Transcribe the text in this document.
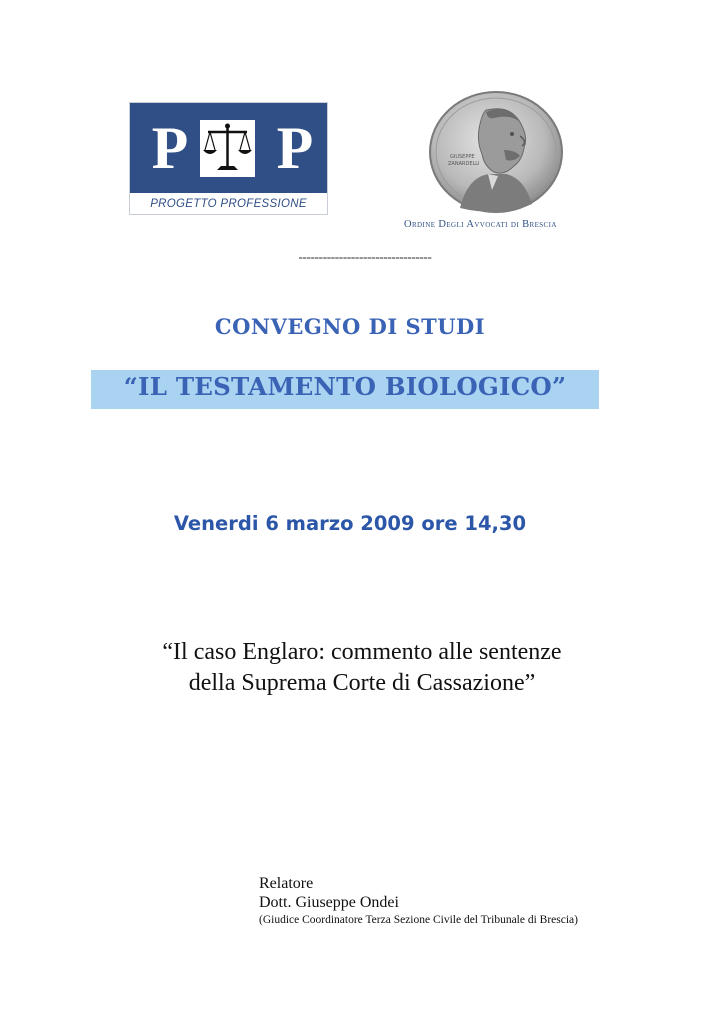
P P
PROGETTO PROFESSIONE
GIUSEPPE
ZANARDELLI
Ordine Degli Avvocati di Brescia
---------------------------------
CONVEGNO DI STUDI
“IL TESTAMENTO BIOLOGICO”
Venerdi 6 marzo 2009 ore 14,30
“Il caso Englaro: commento alle sentenze
della Suprema Corte di Cassazione”
Relatore
Dott. Giuseppe Ondei
(Giudice Coordinatore Terza Sezione Civile del Tribunale di Brescia)
